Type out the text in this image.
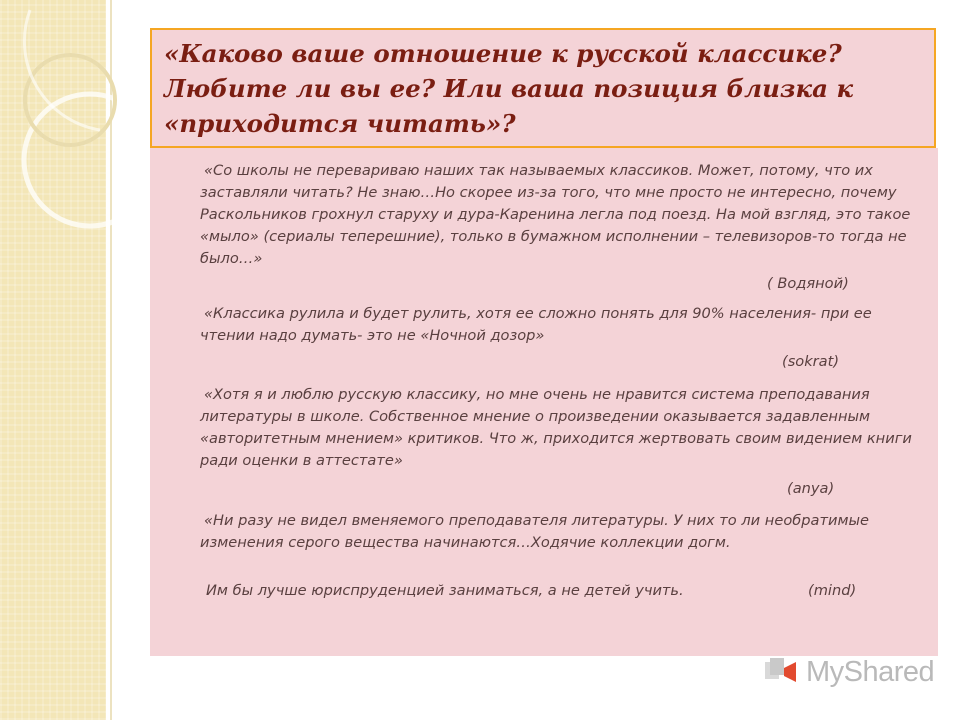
«Каково ваше отношение к русской классике? Любите ли вы ее? Или ваша позиция близка к «приходится читать»?

«Со школы не перевариваю наших так называемых классиков. Может, потому, что их заставляли читать? Не знаю…Но скорее из-за того, что мне просто не интересно, почему Раскольников грохнул старуху и дура-Каренина легла под поезд. На мой взгляд, это такое «мыло» (сериалы теперешние), только в бумажном исполнении – телевизоров-то тогда не было…»

( Водяной)

«Классика рулила и будет рулить, хотя ее сложно понять для 90% населения- при ее чтении надо думать- это не «Ночной дозор»

(sokrat)

«Хотя я и люблю русскую классику, но мне очень не нравится система преподавания литературы в школе. Собственное мнение о произведении оказывается задавленным «авторитетным мнением» критиков. Что ж, приходится жертвовать своим видением книги ради оценки в аттестате»

(anya)

«Ни разу не видел вменяемого преподавателя литературы. У них то ли необратимые изменения серого вещества начинаются…Ходячие коллекции догм.

Им бы лучше юриспруденцией заниматься, а не детей учить.	(mind)

MyShared
